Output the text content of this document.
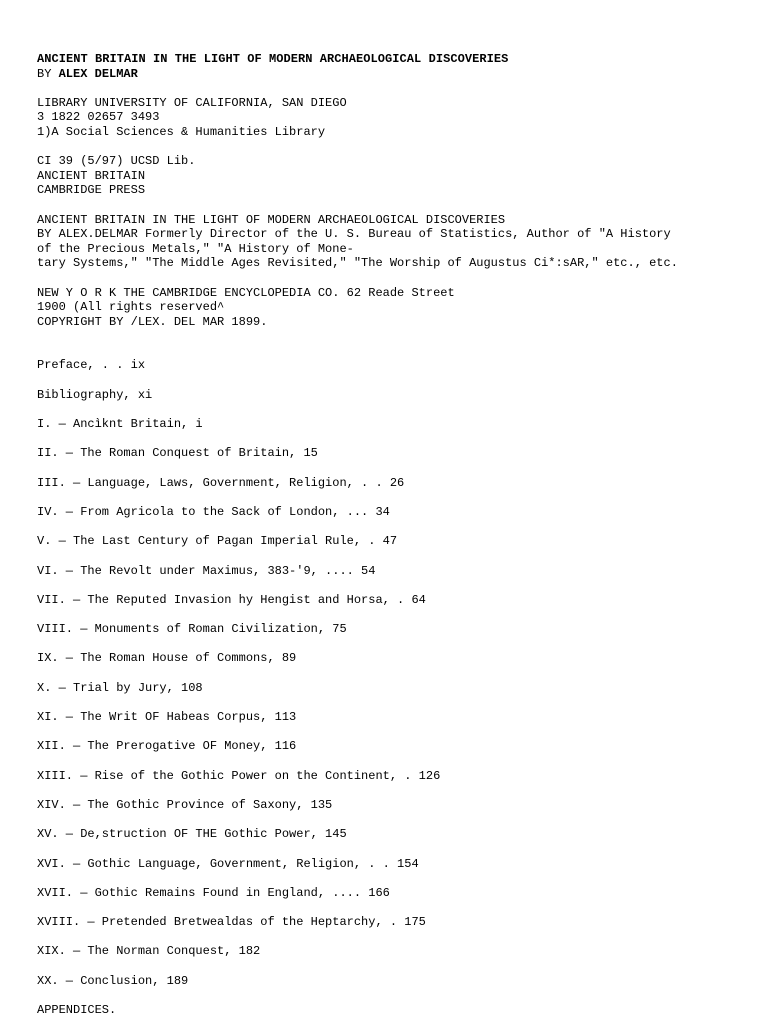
ANCIENT BRITAIN IN THE LIGHT OF MODERN ARCHAEOLOGICAL DISCOVERIES
BY ALEX DELMAR
LIBRARY UNIVERSITY OF CALIFORNIA, SAN DIEGO
3 1822 02657 3493
1)A Social Sciences & Humanities Library
CI 39 (5/97) UCSD Lib.
ANCIENT BRITAIN
CAMBRIDGE PRESS
ANCIENT BRITAIN IN THE LIGHT OF MODERN ARCHAEOLOGICAL DISCOVERIES
BY ALEX.DELMAR Formerly Director of the U. S. Bureau of Statistics, Author of "A History
of the Precious Metals," "A History of Mone-
tary Systems," "The Middle Ages Revisited," "The Worship of Augustus Ci*:sAR," etc., etc.
NEW Y O R K THE CAMBRIDGE ENCYCLOPEDIA CO. 62 Reade Street
1900 (All rights reserved^
COPYRIGHT BY /LEX. DEL MAR 1899.
Preface, . . ix
Bibliography, xi
I. — Ancìknt Britain, i
II. — The Roman Conquest of Britain, 15
III. — Language, Laws, Government, Religion, . . 26
IV. — From Agricola to the Sack of London, ... 34
V. — The Last Century of Pagan Imperial Rule, . 47
VI. — The Revolt under Maximus, 383-'9, .... 54
VII. — The Reputed Invasion hy Hengist and Horsa, . 64
VIII. — Monuments of Roman Civilization, 75
IX. — The Roman House of Commons, 89
X. — Trial by Jury, 108
XI. — The Writ OF Habeas Corpus, 113
XII. — The Prerogative OF Money, 116
XIII. — Rise of the Gothic Power on the Continent, . 126
XIV. — The Gothic Province of Saxony, 135
XV. — De,struction OF THE Gothic Power, 145
XVI. — Gothic Language, Government, Religion, . . 154
XVII. — Gothic Remains Found in England, .... 166
XVIII. — Pretended Bretwealdas of the Heptarchy, . 175
XIX. — The Norman Conquest, 182
XX. — Conclusion, 189
APPENDICES.
